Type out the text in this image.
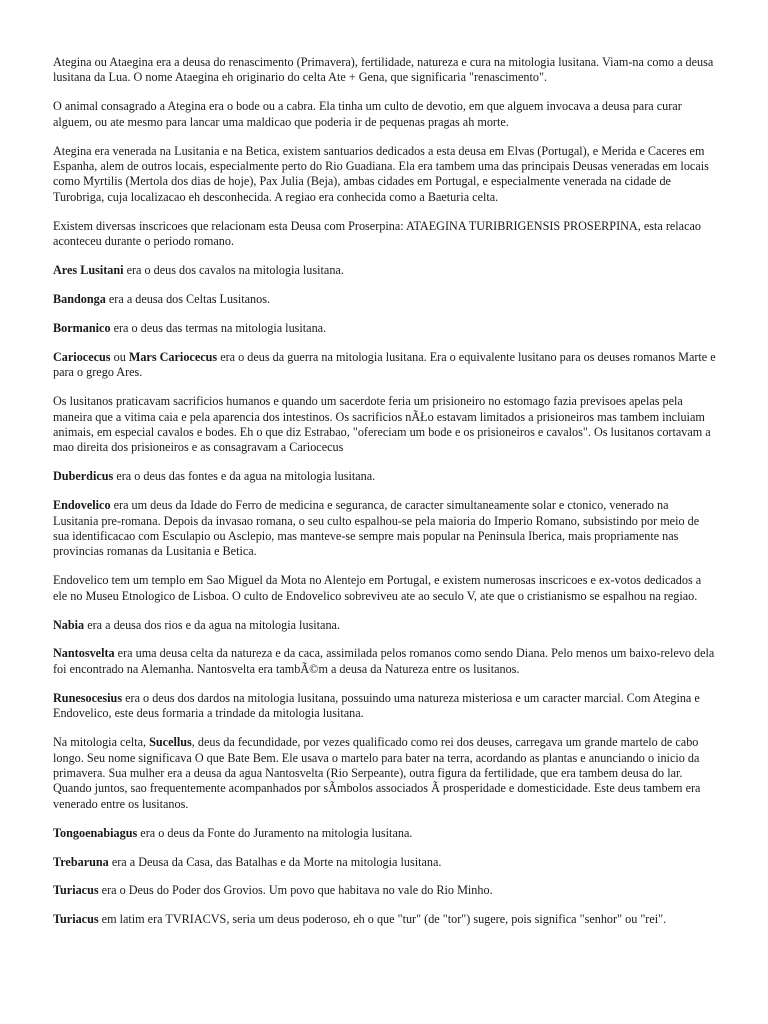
Ategina ou Ataegina era a deusa do renascimento (Primavera), fertilidade, natureza e cura na mitologia lusitana. Viam-na como a deusa lusitana da Lua. O nome Ataegina eh originario do celta Ate + Gena, que significaria "renascimento".

O animal consagrado a Ategina era o bode ou a cabra. Ela tinha um culto de devotio, em que alguem invocava a deusa para curar alguem, ou ate mesmo para lancar uma maldicao que poderia ir de pequenas pragas ah morte.

Ategina era venerada na Lusitania e na Betica, existem santuarios dedicados a esta deusa em Elvas (Portugal), e Merida e Caceres em Espanha, alem de outros locais, especialmente perto do Rio Guadiana. Ela era tambem uma das principais Deusas veneradas em locais como Myrtilis (Mertola dos dias de hoje), Pax Julia (Beja), ambas cidades em Portugal, e especialmente venerada na cidade de Turobriga, cuja localizacao eh desconhecida. A regiao era conhecida como a Baeturia celta.

Existem diversas inscricoes que relacionam esta Deusa com Proserpina: ATAEGINA TURIBRIGENSIS PROSERPINA, esta relacao aconteceu durante o periodo romano.

Ares Lusitani era o deus dos cavalos na mitologia lusitana.

Bandonga era a deusa dos Celtas Lusitanos.

Bormanico era o deus das termas na mitologia lusitana.

Cariocecus ou Mars Cariocecus era o deus da guerra na mitologia lusitana. Era o equivalente lusitano para os deuses romanos Marte e para o grego Ares.

Os lusitanos praticavam sacrificios humanos e quando um sacerdote feria um prisioneiro no estomago fazia previsoes apelas pela maneira que a vitima caia e pela aparencia dos intestinos. Os sacrificios nÃŁo estavam limitados a prisioneiros mas tambem incluiam animais, em especial cavalos e bodes. Eh o que diz Estrabao, "ofereciam um bode e os prisioneiros e cavalos". Os lusitanos cortavam a mao direita dos prisioneiros e as consagravam a Cariocecus

Duberdicus era o deus das fontes e da agua na mitologia lusitana.

Endovelico era um deus da Idade do Ferro de medicina e seguranca, de caracter simultaneamente solar e ctonico, venerado na Lusitania pre-romana. Depois da invasao romana, o seu culto espalhou-se pela maioria do Imperio Romano, subsistindo por meio de sua identificacao com Esculapio ou Asclepio, mas manteve-se sempre mais popular na Peninsula Iberica, mais propriamente nas provincias romanas da Lusitania e Betica.

Endovelico tem um templo em Sao Miguel da Mota no Alentejo em Portugal, e existem numerosas inscricoes e ex-votos dedicados a ele no Museu Etnologico de Lisboa. O culto de Endovelico sobreviveu ate ao seculo V, ate que o cristianismo se espalhou na regiao.

Nabia era a deusa dos rios e da agua na mitologia lusitana.

Nantosvelta era uma deusa celta da natureza e da caca, assimilada pelos romanos como sendo Diana. Pelo menos um baixo-relevo dela foi encontrado na Alemanha. Nantosvelta era tambÃ©m a deusa da Natureza entre os lusitanos.

Runesocesius era o deus dos dardos na mitologia lusitana, possuindo uma natureza misteriosa e um caracter marcial. Com Ategina e Endovelico, este deus formaria a trindade da mitologia lusitana.

Na mitologia celta, Sucellus, deus da fecundidade, por vezes qualificado como rei dos deuses, carregava um grande martelo de cabo longo. Seu nome significava O que Bate Bem. Ele usava o martelo para bater na terra, acordando as plantas e anunciando o inicio da primavera. Sua mulher era a deusa da agua Nantosvelta (Rio Serpeante), outra figura da fertilidade, que era tambem deusa do lar. Quando juntos, sao frequentemente acompanhados por sÃmbolos associados Ã prosperidade e domesticidade. Este deus tambem era venerado entre os lusitanos.

Tongoenabiagus era o deus da Fonte do Juramento na mitologia lusitana.

Trebaruna era a Deusa da Casa, das Batalhas e da Morte na mitologia lusitana.

Turiacus era o Deus do Poder dos Grovios. Um povo que habitava no vale do Rio Minho.

Turiacus em latim era TVRIACVS, seria um deus poderoso, eh o que "tur" (de "tor") sugere, pois significa "senhor" ou "rei".
